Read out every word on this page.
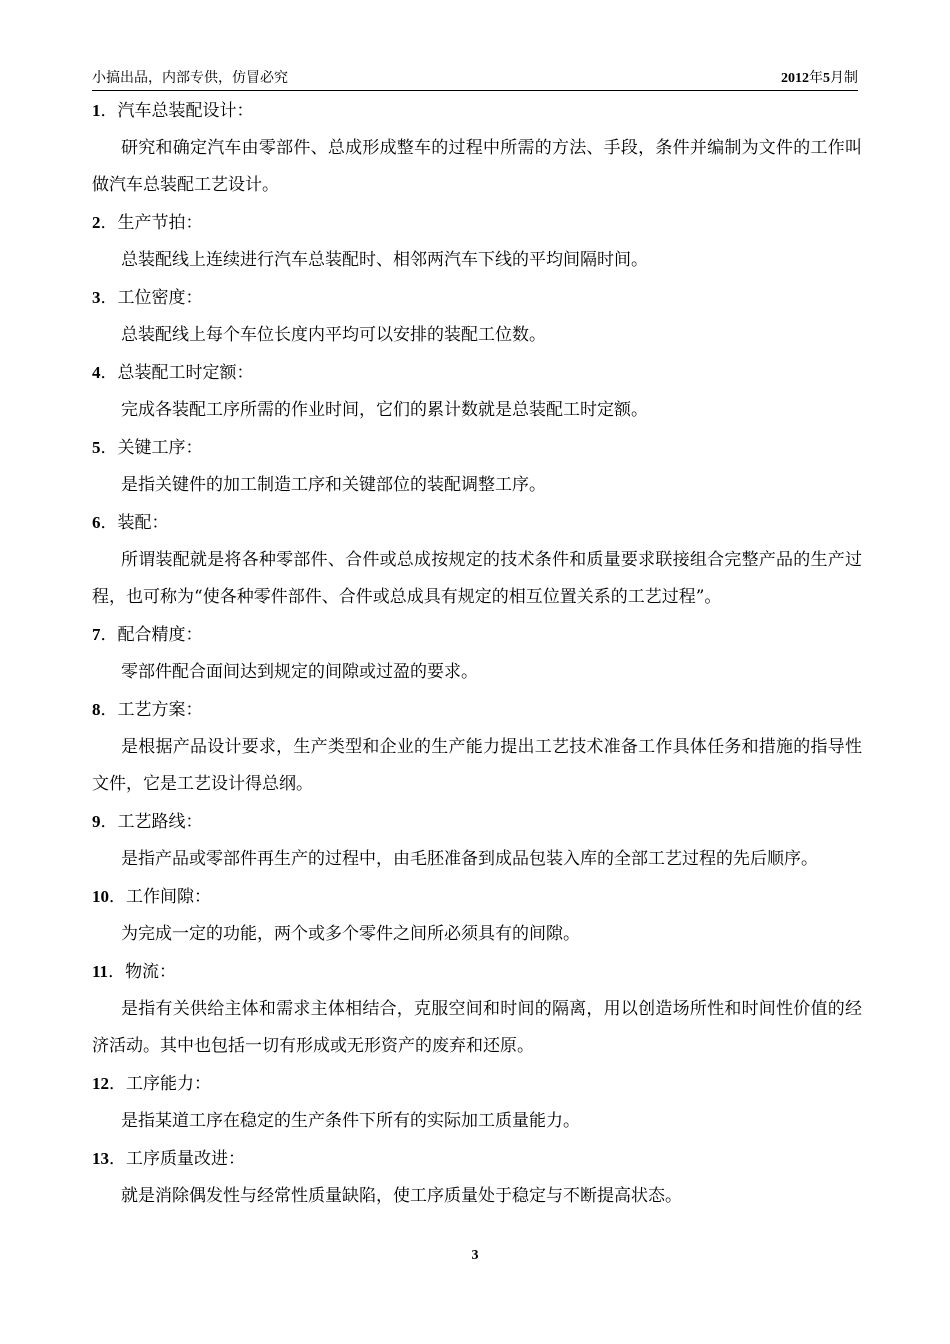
小搞出品，内部专供，仿冒必究	2012年5月制

1．汽车总装配设计：

研究和确定汽车由零部件、总成形成整车的过程中所需的方法、手段，条件并编制为文件的工作叫做汽车总装配工艺设计。

2．生产节拍：

总装配线上连续进行汽车总装配时、相邻两汽车下线的平均间隔时间。

3．工位密度：

总装配线上每个车位长度内平均可以安排的装配工位数。

4．总装配工时定额：

完成各装配工序所需的作业时间，它们的累计数就是总装配工时定额。

5．关键工序：

是指关键件的加工制造工序和关键部位的装配调整工序。

6．装配：

所谓装配就是将各种零部件、合件或总成按规定的技术条件和质量要求联接组合完整产品的生产过程，也可称为“使各种零件部件、合件或总成具有规定的相互位置关系的工艺过程”。

7．配合精度：

零部件配合面间达到规定的间隙或过盈的要求。

8．工艺方案：

是根据产品设计要求，生产类型和企业的生产能力提出工艺技术准备工作具体任务和措施的指导性文件，它是工艺设计得总纲。

9．工艺路线：

是指产品或零部件再生产的过程中，由毛胚准备到成品包装入库的全部工艺过程的先后顺序。

10．工作间隙：

为完成一定的功能，两个或多个零件之间所必须具有的间隙。

11．物流：

是指有关供给主体和需求主体相结合，克服空间和时间的隔离，用以创造场所性和时间性价值的经济活动。其中也包括一切有形成或无形资产的废弃和还原。

12．工序能力：

是指某道工序在稳定的生产条件下所有的实际加工质量能力。

13．工序质量改进：

就是消除偶发性与经常性质量缺陷，使工序质量处于稳定与不断提高状态。

3
